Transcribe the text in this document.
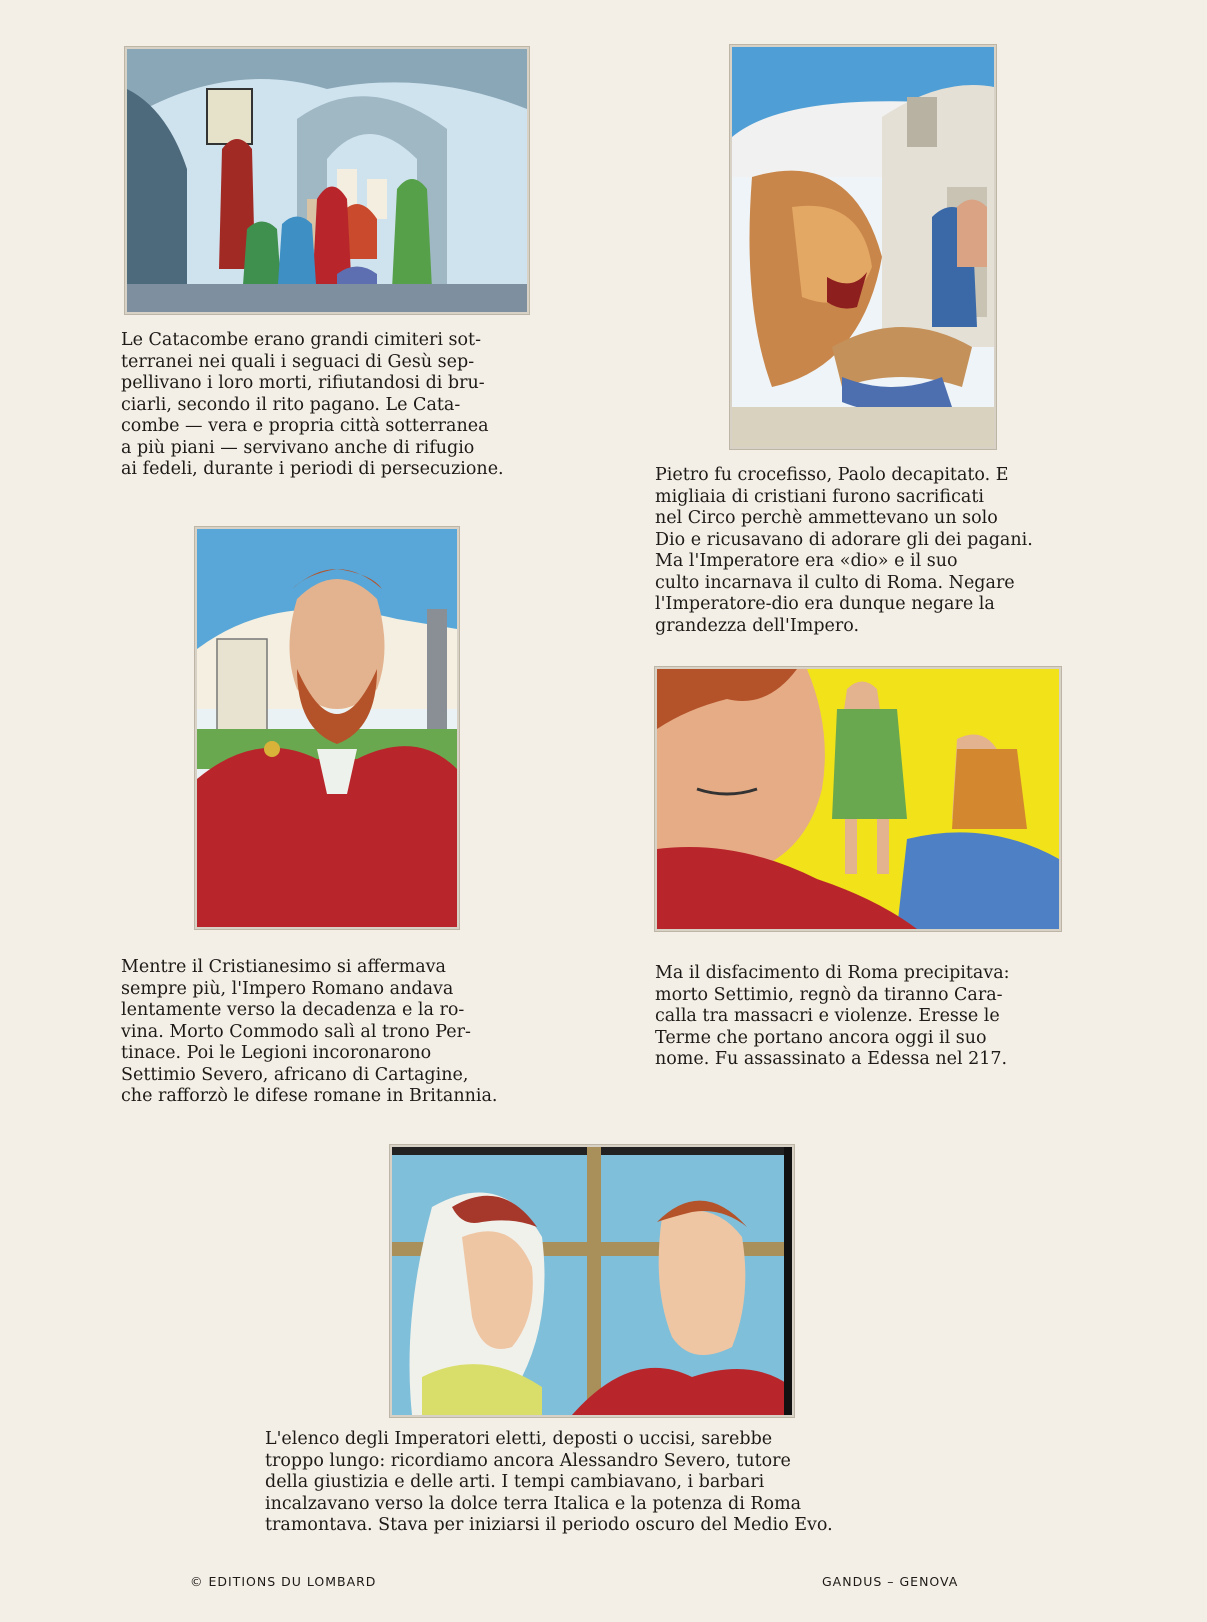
Le Catacombe erano grandi cimiteri sot-
terranei nei quali i seguaci di Gesù sep-
pellivano i loro morti, rifiutandosi di bru-
ciarli, secondo il rito pagano. Le Cata-
combe — vera e propria città sotterranea
a più piani — servivano anche di rifugio
ai fedeli, durante i periodi di persecuzione.	Pietro fu crocefisso, Paolo decapitato. E
migliaia di cristiani furono sacrificati
nel Circo perchè ammettevano un solo
Dio e ricusavano di adorare gli dei pagani.
Ma l'Imperatore era «dio» e il suo
culto incarnava il culto di Roma. Negare
l'Imperatore-dio era dunque negare la
grandezza dell'Impero.

Mentre il Cristianesimo si affermava
sempre più, l'Impero Romano andava
lentamente verso la decadenza e la ro-
vina. Morto Commodo salì al trono Per-
tinace. Poi le Legioni incoronarono
Settimio Severo, africano di Cartagine,
che rafforzò le difese romane in Britannia.

Ma il disfacimento di Roma precipitava:
morto Settimio, regnò da tiranno Cara-
calla tra massacri e violenze. Eresse le
Terme che portano ancora oggi il suo
nome. Fu assassinato a Edessa nel 217.

L'elenco degli Imperatori eletti, deposti o uccisi, sarebbe
troppo lungo: ricordiamo ancora Alessandro Severo, tutore
della giustizia e delle arti. I tempi cambiavano, i barbari
incalzavano verso la dolce terra Italica e la potenza di Roma
tramontava. Stava per iniziarsi il periodo oscuro del Medio Evo.

© EDITIONS DU LOMBARD	GANDUS – GENOVA
